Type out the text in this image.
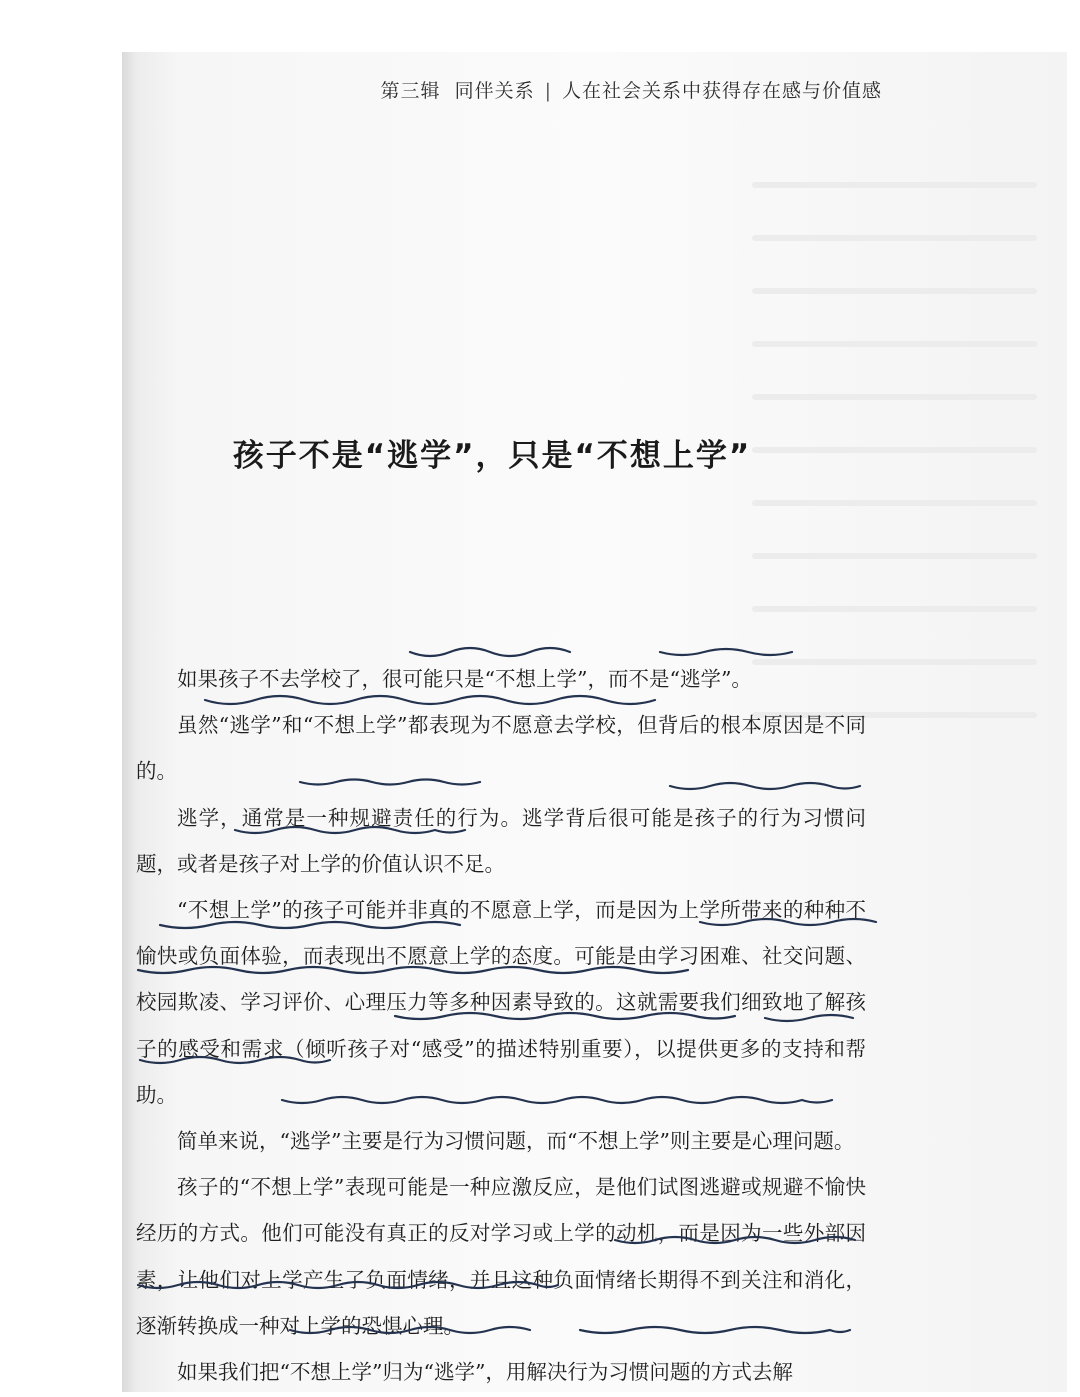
第三辑 同伴关系 | 人在社会关系中获得存在感与价值感
孩子不是“逃学”，只是“不想上学”

如果孩子不去学校了，很可能只是“不想上学”，而不是“逃学”。

虽然“逃学”和“不想上学”都表现为不愿意去学校，但背后的根本原因是不同的。

逃学，通常是一种规避责任的行为。逃学背后很可能是孩子的行为习惯问题，或者是孩子对上学的价值认识不足。

“不想上学”的孩子可能并非真的不愿意上学，而是因为上学所带来的种种不愉快或负面体验，而表现出不愿意上学的态度。可能是由学习困难、社交问题、校园欺凌、学习评价、心理压力等多种因素导致的。这就需要我们细致地了解孩子的感受和需求（倾听孩子对“感受”的描述特别重要），以提供更多的支持和帮助。

简单来说，“逃学”主要是行为习惯问题，而“不想上学”则主要是心理问题。

孩子的“不想上学”表现可能是一种应激反应，是他们试图逃避或规避不愉快经历的方式。他们可能没有真正的反对学习或上学的动机，而是因为一些外部因素，让他们对上学产生了负面情绪，并且这种负面情绪长期得不到关注和消化，逐渐转换成一种对上学的恐惧心理。

如果我们把“不想上学”归为“逃学”，用解决行为习惯问题的方式去解
